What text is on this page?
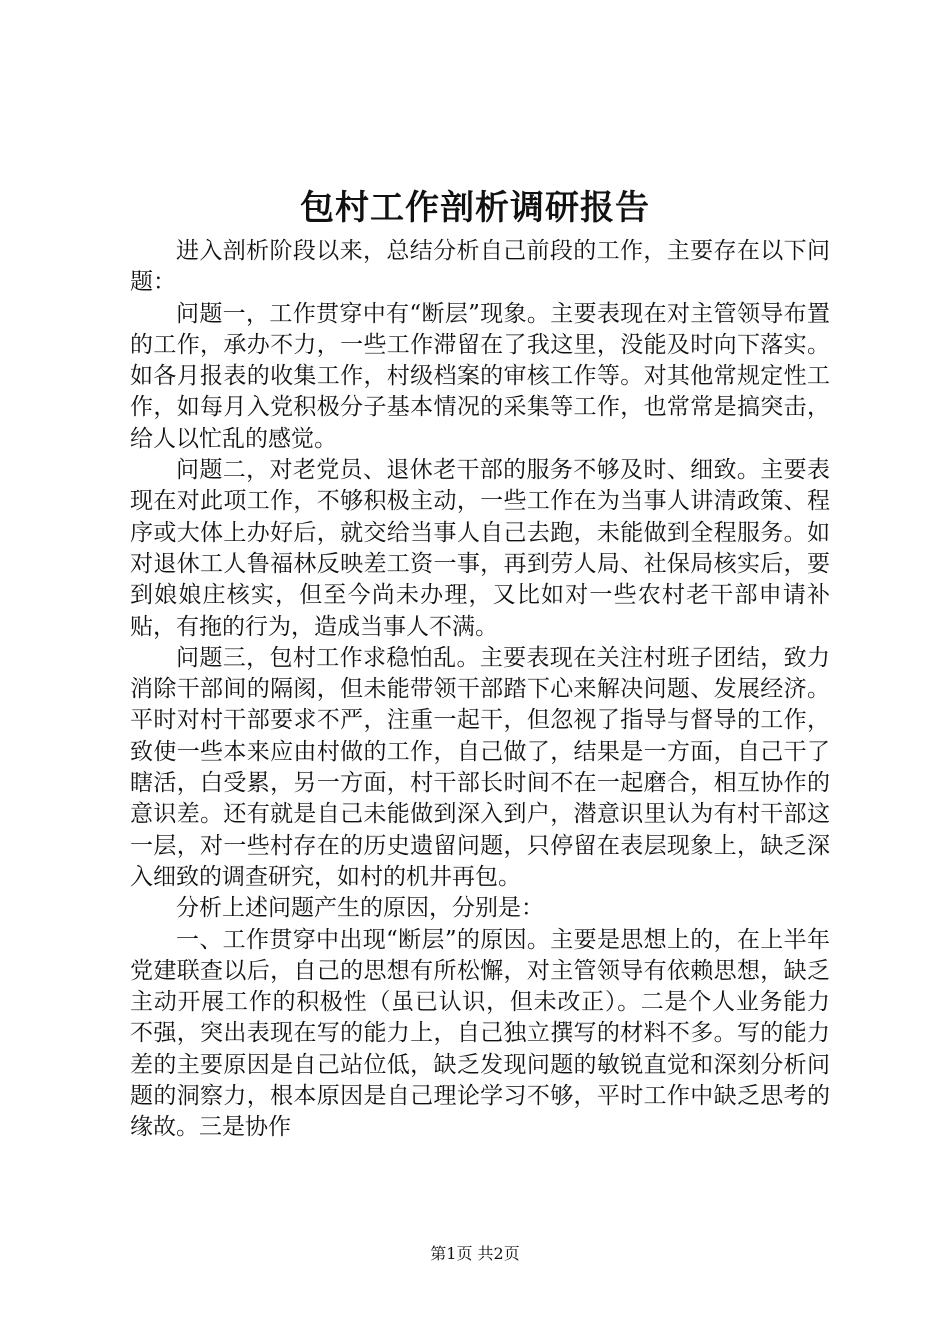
包村工作剖析调研报告

进入剖析阶段以来，总结分析自己前段的工作，主要存在以下问题：

问题一，工作贯穿中有“断层”现象。主要表现在对主管领导布置的工作，承办不力，一些工作滞留在了我这里，没能及时向下落实。如各月报表的收集工作，村级档案的审核工作等。对其他常规定性工作，如每月入党积极分子基本情况的采集等工作，也常常是搞突击，给人以忙乱的感觉。

问题二，对老党员、退休老干部的服务不够及时、细致。主要表现在对此项工作，不够积极主动，一些工作在为当事人讲清政策、程序或大体上办好后，就交给当事人自己去跑，未能做到全程服务。如对退休工人鲁福林反映差工资一事，再到劳人局、社保局核实后，要到娘娘庄核实，但至今尚未办理，又比如对一些农村老干部申请补贴，有拖的行为，造成当事人不满。

问题三，包村工作求稳怕乱。主要表现在关注村班子团结，致力消除干部间的隔阂，但未能带领干部踏下心来解决问题、发展经济。平时对村干部要求不严，注重一起干，但忽视了指导与督导的工作，致使一些本来应由村做的工作，自己做了，结果是一方面，自己干了瞎活，白受累，另一方面，村干部长时间不在一起磨合，相互协作的意识差。还有就是自己未能做到深入到户，潜意识里认为有村干部这一层，对一些村存在的历史遗留问题，只停留在表层现象上，缺乏深入细致的调查研究，如村的机井再包。

分析上述问题产生的原因，分别是：

一、工作贯穿中出现“断层”的原因。主要是思想上的，在上半年党建联查以后，自己的思想有所松懈，对主管领导有依赖思想，缺乏主动开展工作的积极性（虽已认识，但未改正）。二是个人业务能力不强，突出表现在写的能力上，自己独立撰写的材料不多。写的能力差的主要原因是自己站位低，缺乏发现问题的敏锐直觉和深刻分析问题的洞察力，根本原因是自己理论学习不够，平时工作中缺乏思考的缘故。三是协作

第1页 共2页
